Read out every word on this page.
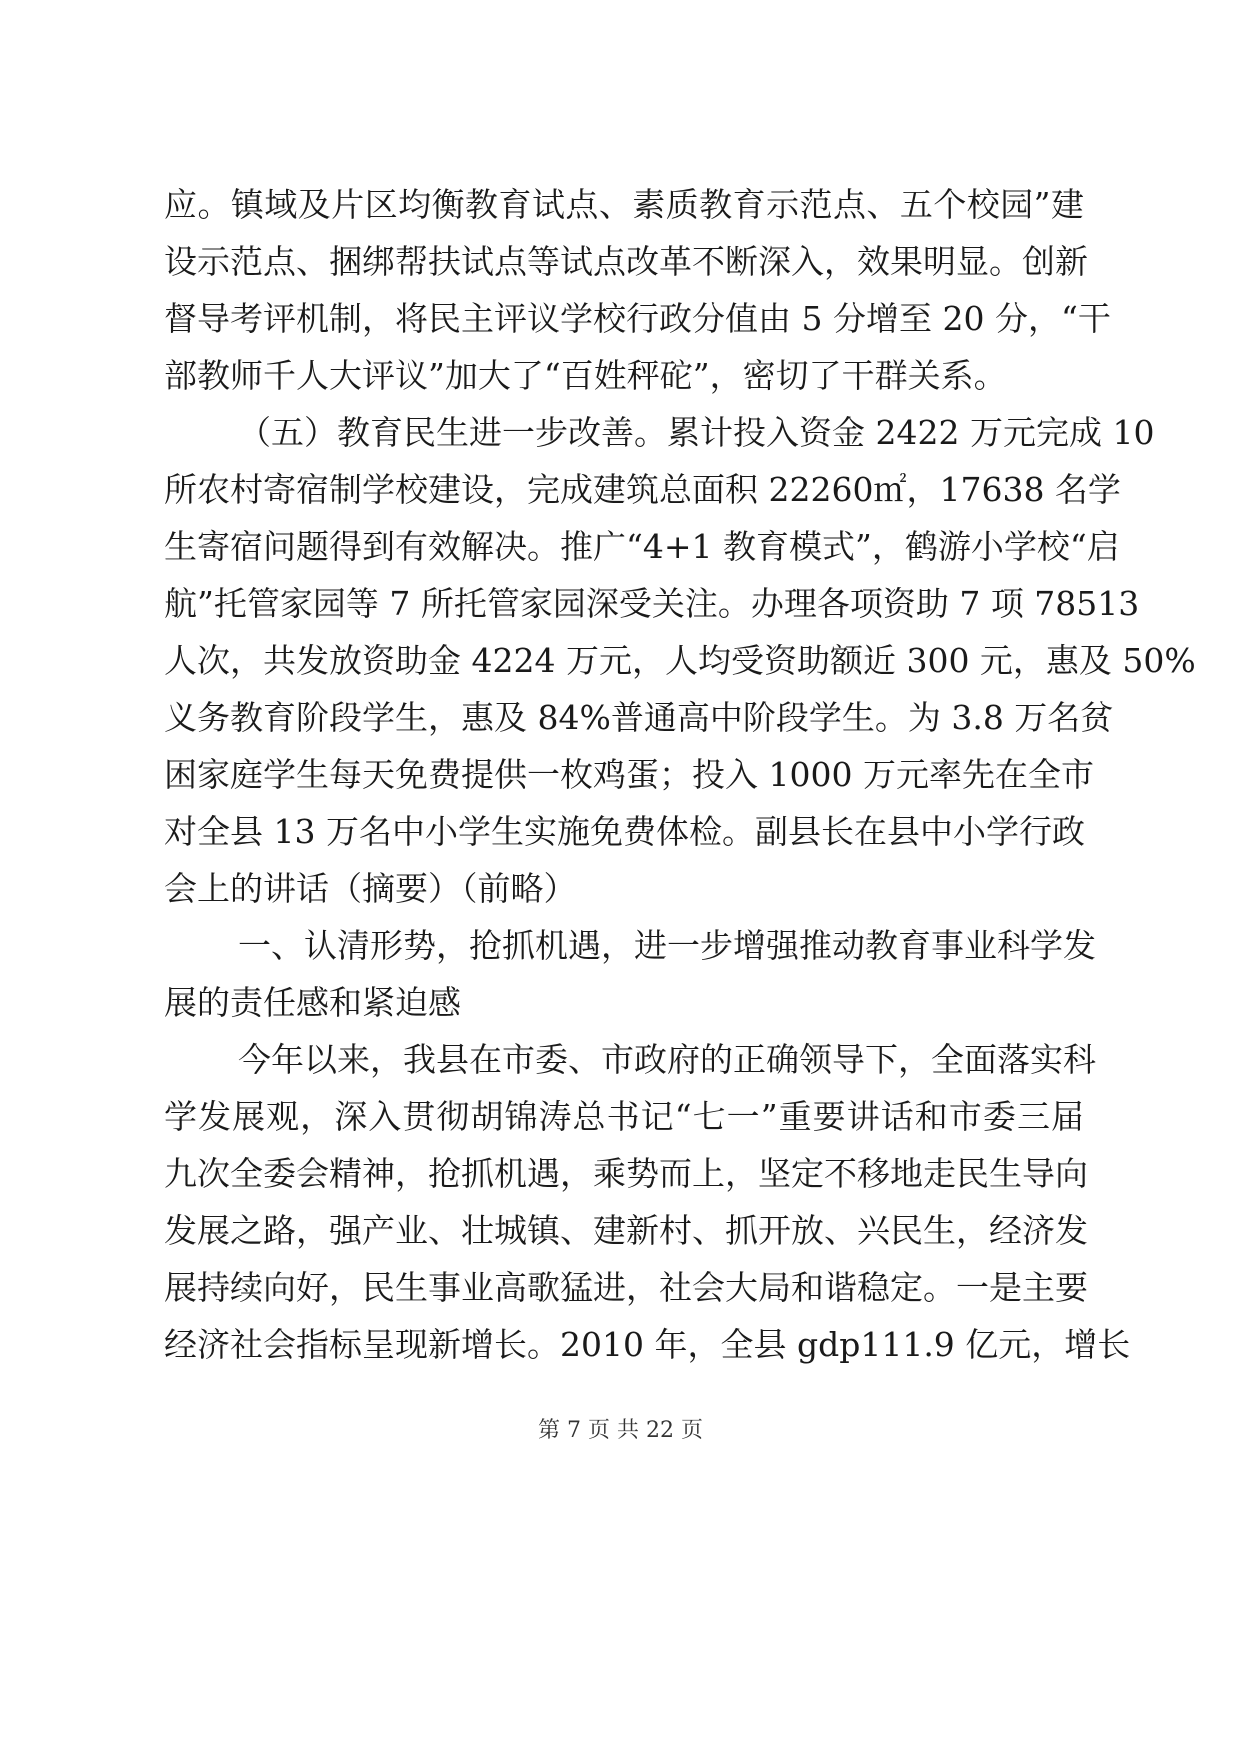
应。镇域及片区均衡教育试点、素质教育示范点、五个校园”建
设示范点、捆绑帮扶试点等试点改革不断深入，效果明显。创新
督导考评机制，将民主评议学校行政分值由 5 分增至 20 分，“干
部教师千人大评议”加大了“百姓秤砣”，密切了干群关系。
（五）教育民生进一步改善。累计投入资金 2422 万元完成 10
所农村寄宿制学校建设，完成建筑总面积 22260㎡，17638 名学
生寄宿问题得到有效解决。推广“4+1 教育模式”，鹤游小学校“启
航”托管家园等 7 所托管家园深受关注。办理各项资助 7 项 78513
人次，共发放资助金 4224 万元，人均受资助额近 300 元，惠及 50%
义务教育阶段学生，惠及 84%普通高中阶段学生。为 3.8 万名贫
困家庭学生每天免费提供一枚鸡蛋；投入 1000 万元率先在全市
对全县 13 万名中小学生实施免费体检。副县长在县中小学行政
会上的讲话（摘要）（前略）
一、认清形势，抢抓机遇，进一步增强推动教育事业科学发
展的责任感和紧迫感
今年以来，我县在市委、市政府的正确领导下，全面落实科
学发展观，深入贯彻胡锦涛总书记“七一”重要讲话和市委三届
九次全委会精神，抢抓机遇，乘势而上，坚定不移地走民生导向
发展之路，强产业、壮城镇、建新村、抓开放、兴民生，经济发
展持续向好，民生事业高歌猛进，社会大局和谐稳定。一是主要
经济社会指标呈现新增长。2010 年，全县 gdp111.9 亿元，增长
第 7 页 共 22 页
